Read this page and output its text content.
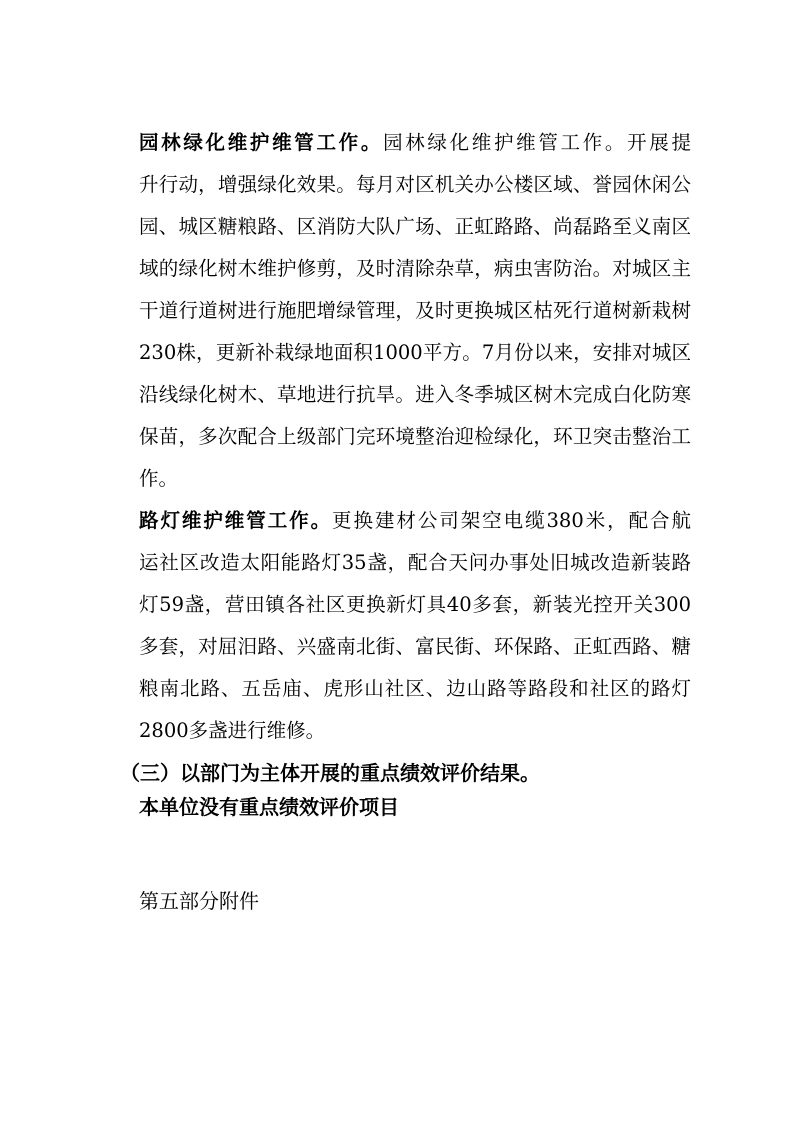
园林绿化维护维管工作。园林绿化维护维管工作。开展提
升行动，增强绿化效果。每月对区机关办公楼区域、誉园休闲公
园、城区糖粮路、区消防大队广场、正虹路路、尚磊路至义南区
域的绿化树木维护修剪，及时清除杂草，病虫害防治。对城区主
干道行道树进行施肥增绿管理，及时更换城区枯死行道树新栽树
230株，更新补栽绿地面积1000平方。7月份以来，安排对城区
沿线绿化树木、草地进行抗旱。进入冬季城区树木完成白化防寒
保苗，多次配合上级部门完环境整治迎检绿化，环卫突击整治工
作。
路灯维护维管工作。更换建材公司架空电缆380米，配合航
运社区改造太阳能路灯35盏，配合天问办事处旧城改造新装路
灯59盏，营田镇各社区更换新灯具40多套，新装光控开关300
多套，对屈汨路、兴盛南北街、富民街、环保路、正虹西路、糖
粮南北路、五岳庙、虎形山社区、边山路等路段和社区的路灯
2800多盏进行维修。
（三）以部门为主体开展的重点绩效评价结果。
本单位没有重点绩效评价项目
第五部分附件
